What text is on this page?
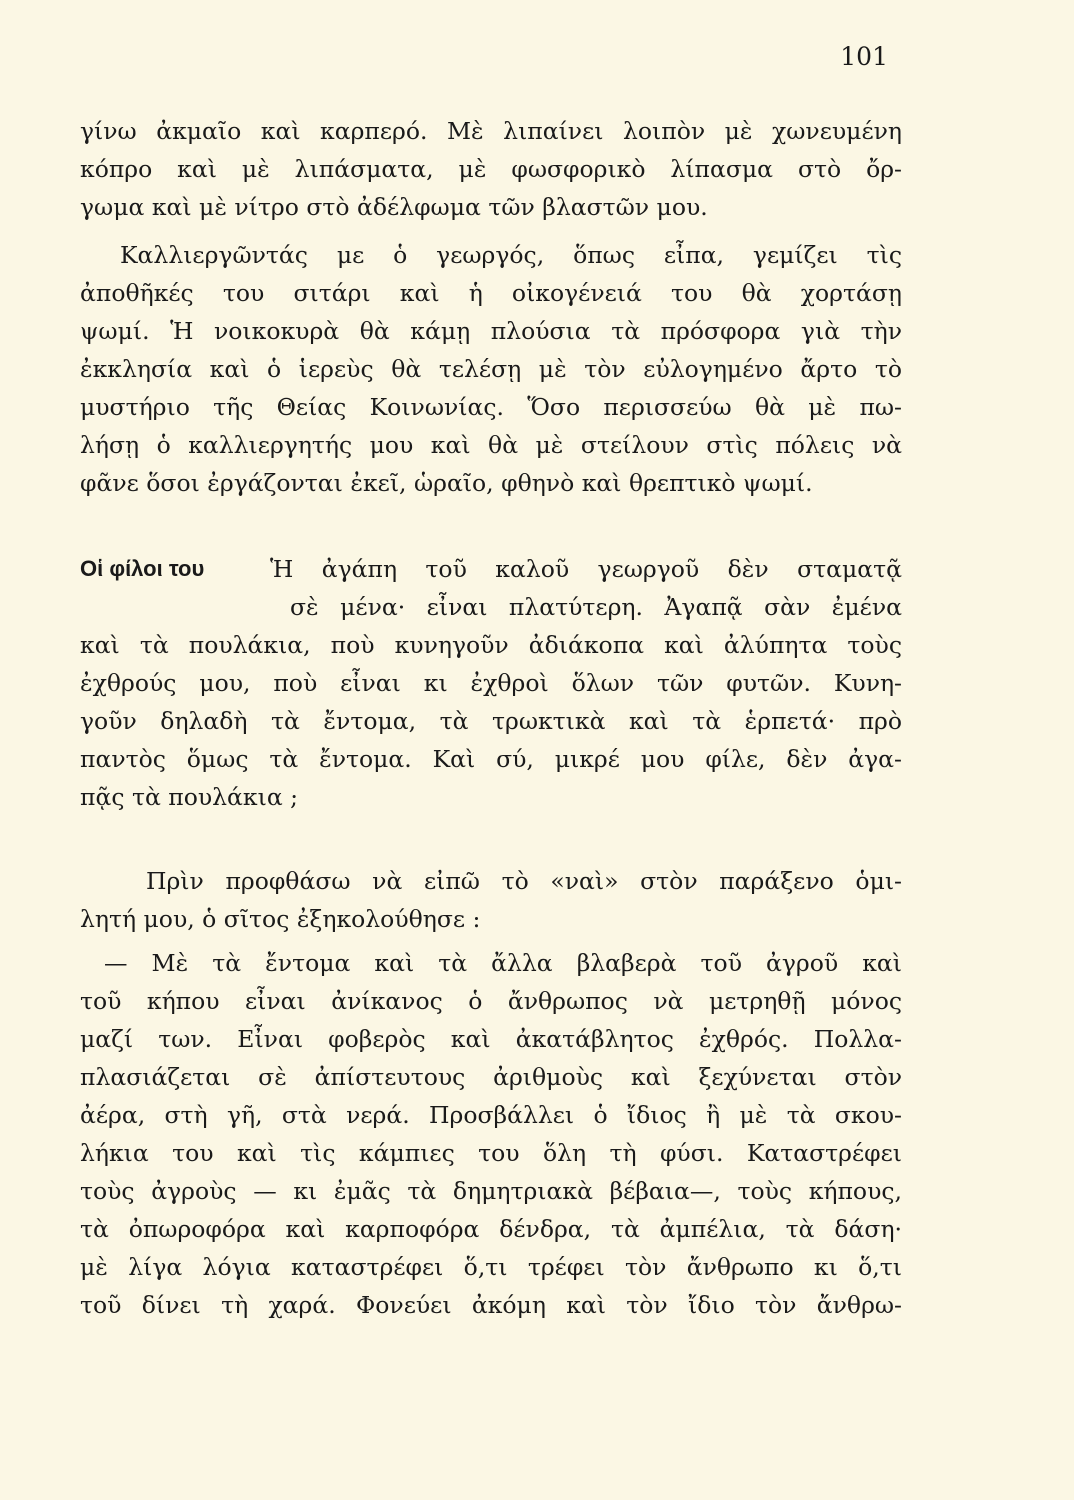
101
γίνω ἀκμαῖο καὶ καρπερό. Μὲ λιπαίνει λοιπὸν μὲ χωνευμένη
κόπρο καὶ μὲ λιπάσματα, μὲ φωσφορικὸ λίπασμα στὸ ὄρ-
γωμα καὶ μὲ νίτρο στὸ ἀδέλφωμα τῶν βλαστῶν μου.
Καλλιεργῶντάς με ὁ γεωργός, ὅπως εἶπα, γεμίζει τὶς
ἀποθῆκές του σιτάρι καὶ ἡ οἰκογένειά του θὰ χορτάσῃ
ψωμί. Ἡ νοικοκυρὰ θὰ κάμῃ πλούσια τὰ πρόσφορα γιὰ τὴν
ἐκκλησία καὶ ὁ ἱερεὺς θὰ τελέσῃ μὲ τὸν εὐλογημένο ἄρτο τὸ
μυστήριο τῆς Θείας Κοινωνίας. Ὅσο περισσεύω θὰ μὲ πω-
λήσῃ ὁ καλλιεργητής μου καὶ θὰ μὲ στείλουν στὶς πόλεις νὰ
φᾶνε ὅσοι ἐργάζονται ἐκεῖ, ὡραῖο, φθηνὸ καὶ θρεπτικὸ ψωμί.
Οἱ φίλοι του	Ἡ ἀγάπη τοῦ καλοῦ γεωργοῦ δὲν σταματᾷ
σὲ μένα· εἶναι πλατύτερη. Ἀγαπᾷ σὰν ἐμένα
καὶ τὰ πουλάκια, ποὺ κυνηγοῦν ἀδιάκοπα καὶ ἀλύπητα τοὺς
ἐχθρούς μου, ποὺ εἶναι κι ἐχθροὶ ὅλων τῶν φυτῶν. Κυνη-
γοῦν δηλαδὴ τὰ ἔντομα, τὰ τρωκτικὰ καὶ τὰ ἑρπετά· πρὸ
παντὸς ὅμως τὰ ἔντομα. Καὶ σύ, μικρέ μου φίλε, δὲν ἀγα-
πᾷς τὰ πουλάκια ;
Πρὶν προφθάσω νὰ εἰπῶ τὸ «ναὶ» στὸν παράξενο ὁμι-
λητή μου, ὁ σῖτος ἐξηκολούθησε :
— Μὲ τὰ ἔντομα καὶ τὰ ἄλλα βλαβερὰ τοῦ ἀγροῦ καὶ
τοῦ κήπου εἶναι ἀνίκανος ὁ ἄνθρωπος νὰ μετρηθῇ μόνος
μαζί των. Εἶναι φοβερὸς καὶ ἀκατάβλητος ἐχθρός. Πολλα-
πλασιάζεται σὲ ἀπίστευτους ἀριθμοὺς καὶ ξεχύνεται στὸν
ἀέρα, στὴ γῆ, στὰ νερά. Προσβάλλει ὁ ἴδιος ἢ μὲ τὰ σκου-
λήκια του καὶ τὶς κάμπιες του ὅλη τὴ φύσι. Καταστρέφει
τοὺς ἀγροὺς — κι ἐμᾶς τὰ δημητριακὰ βέβαια—, τοὺς κήπους,
τὰ ὀπωροφόρα καὶ καρποφόρα δένδρα, τὰ ἀμπέλια, τὰ δάση·
μὲ λίγα λόγια καταστρέφει ὅ,τι τρέφει τὸν ἄνθρωπο κι ὅ,τι
τοῦ δίνει τὴ χαρά. Φονεύει ἀκόμη καὶ τὸν ἴδιο τὸν ἄνθρω-
